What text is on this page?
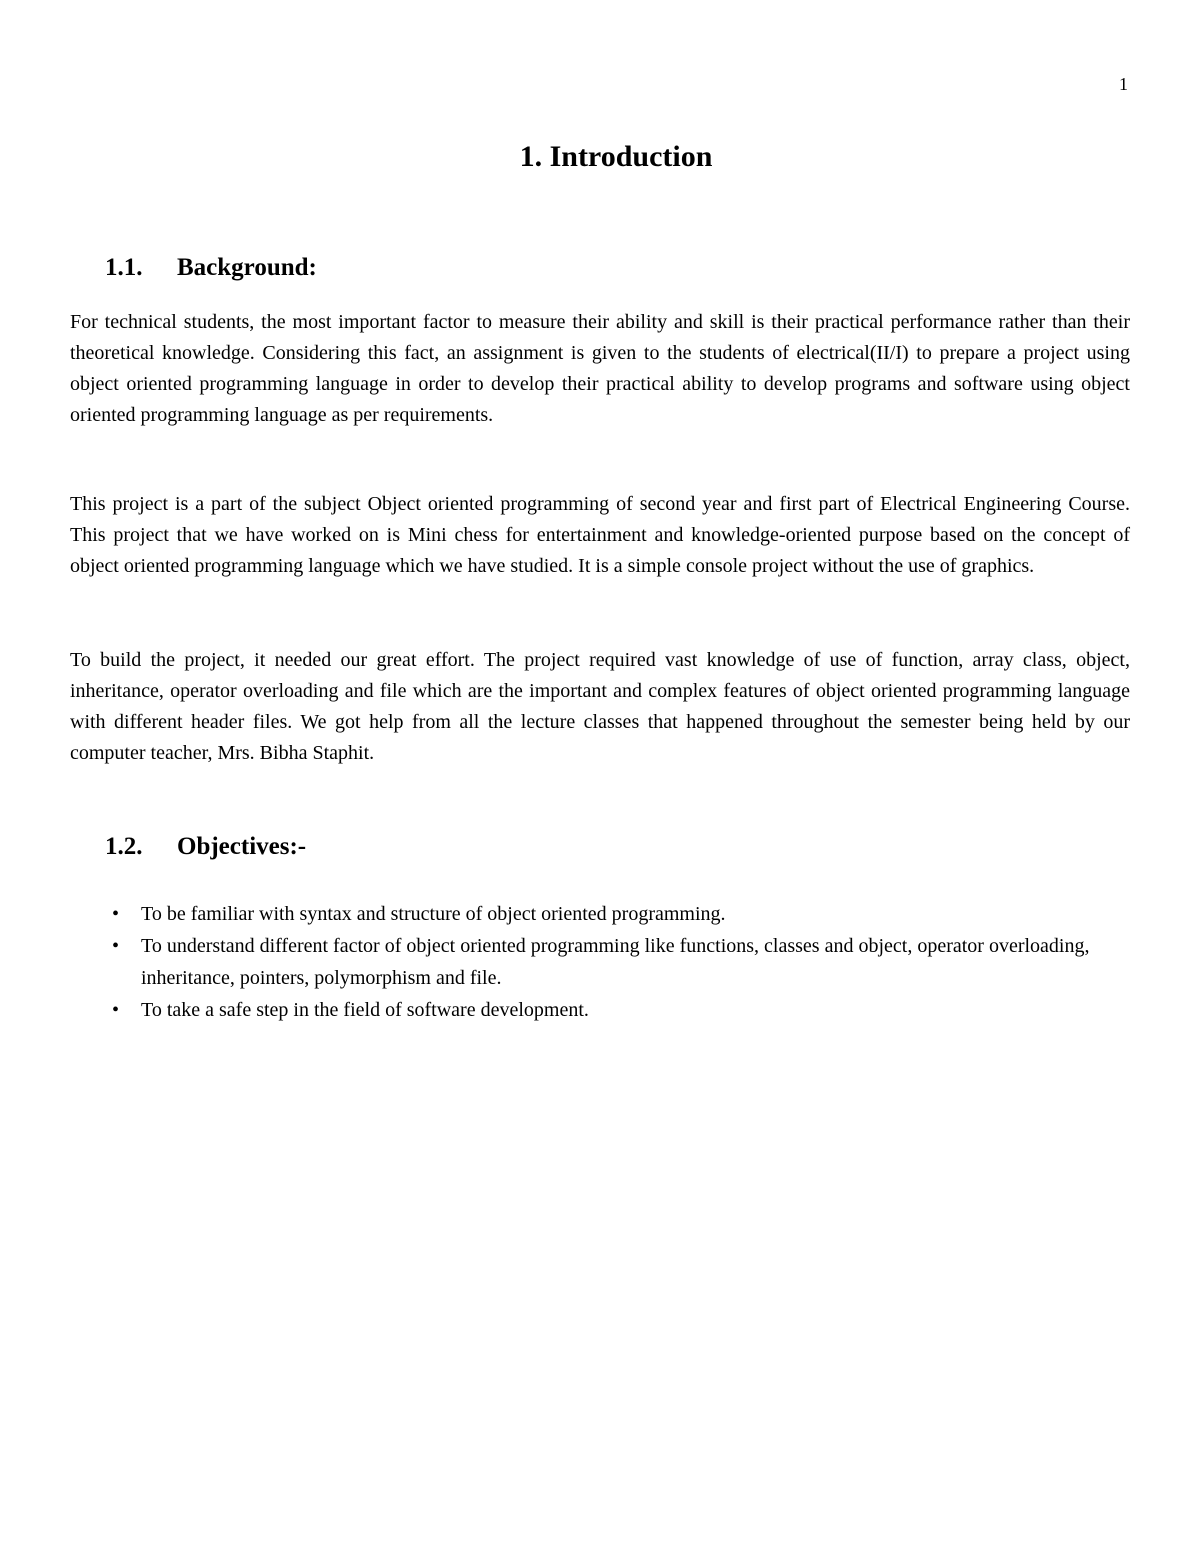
1
1. Introduction
1.1. Background:

For technical students, the most important factor to measure their ability and skill is their practical performance rather than their theoretical knowledge. Considering this fact, an assignment is given to the students of electrical(II/I) to prepare a project using object oriented programming language in order to develop their practical ability to develop programs and software using object oriented programming language as per requirements.

This project is a part of the subject Object oriented programming of second year and first part of Electrical Engineering Course. This project that we have worked on is Mini chess for entertainment and knowledge-oriented purpose based on the concept of object oriented programming language which we have studied. It is a simple console project without the use of graphics.

To build the project, it needed our great effort. The project required vast knowledge of use of function, array class, object, inheritance, operator overloading and file which are the important and complex features of object oriented programming language with different header files. We got help from all the lecture classes that happened throughout the semester being held by our computer teacher, Mrs. Bibha Staphit.

1.2. Objectives:-
• To be familiar with syntax and structure of object oriented programming.
• To understand different factor of object oriented programming like functions, classes and object, operator overloading, inheritance, pointers, polymorphism and file.
• To take a safe step in the field of software development.
